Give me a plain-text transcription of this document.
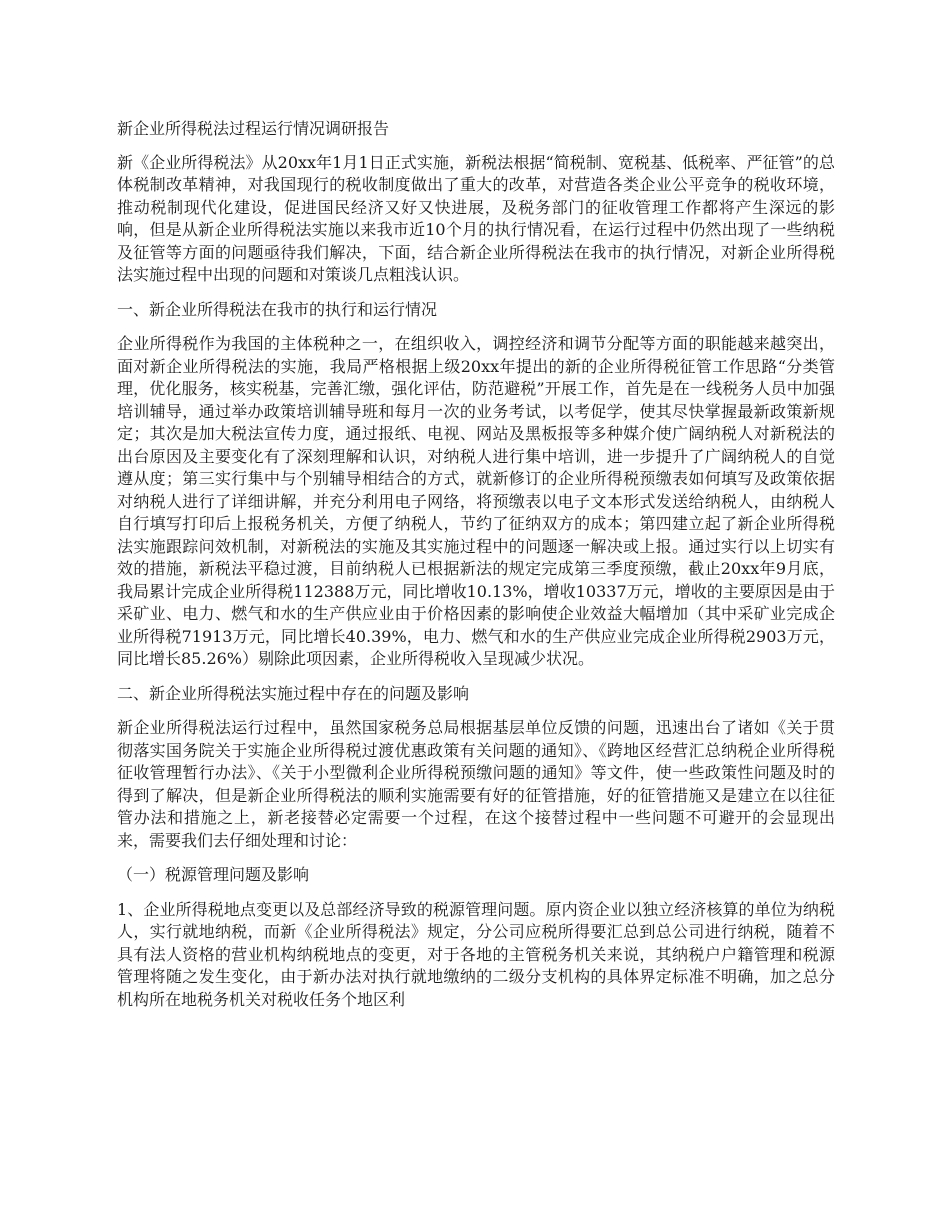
新企业所得税法过程运行情况调研报告

新《企业所得税法》从20xx年1月1日正式实施，新税法根据“简税制、宽税基、低税率、严征管”的总体税制改革精神，对我国现行的税收制度做出了重大的改革，对营造各类企业公平竞争的税收环境，推动税制现代化建设，促进国民经济又好又快进展，及税务部门的征收管理工作都将产生深远的影响，但是从新企业所得税法实施以来我市近10个月的执行情况看，在运行过程中仍然出现了一些纳税及征管等方面的问题亟待我们解决，下面，结合新企业所得税法在我市的执行情况，对新企业所得税法实施过程中出现的问题和对策谈几点粗浅认识。

一、新企业所得税法在我市的执行和运行情况

企业所得税作为我国的主体税种之一，在组织收入，调控经济和调节分配等方面的职能越来越突出，面对新企业所得税法的实施，我局严格根据上级20xx年提出的新的企业所得税征管工作思路“分类管理，优化服务，核实税基，完善汇缴，强化评估，防范避税”开展工作，首先是在一线税务人员中加强培训辅导，通过举办政策培训辅导班和每月一次的业务考试，以考促学，使其尽快掌握最新政策新规定；其次是加大税法宣传力度，通过报纸、电视、网站及黑板报等多种媒介使广阔纳税人对新税法的出台原因及主要变化有了深刻理解和认识，对纳税人进行集中培训，进一步提升了广阔纳税人的自觉遵从度；第三实行集中与个别辅导相结合的方式，就新修订的企业所得税预缴表如何填写及政策依据对纳税人进行了详细讲解，并充分利用电子网络，将预缴表以电子文本形式发送给纳税人，由纳税人自行填写打印后上报税务机关，方便了纳税人，节约了征纳双方的成本；第四建立起了新企业所得税法实施跟踪问效机制，对新税法的实施及其实施过程中的问题逐一解决或上报。通过实行以上切实有效的措施，新税法平稳过渡，目前纳税人已根据新法的规定完成第三季度预缴，截止20xx年9月底，我局累计完成企业所得税112388万元，同比增收10.13%，增收10337万元，增收的主要原因是由于采矿业、电力、燃气和水的生产供应业由于价格因素的影响使企业效益大幅增加（其中采矿业完成企业所得税71913万元，同比增长40.39%，电力、燃气和水的生产供应业完成企业所得税2903万元，同比增长85.26%）剔除此项因素，企业所得税收入呈现减少状况。

二、新企业所得税法实施过程中存在的问题及影响

新企业所得税法运行过程中，虽然国家税务总局根据基层单位反馈的问题，迅速出台了诸如《关于贯彻落实国务院关于实施企业所得税过渡优惠政策有关问题的通知》、《跨地区经营汇总纳税企业所得税征收管理暂行办法》、《关于小型微利企业所得税预缴问题的通知》等文件，使一些政策性问题及时的得到了解决，但是新企业所得税法的顺利实施需要有好的征管措施，好的征管措施又是建立在以往征管办法和措施之上，新老接替必定需要一个过程，在这个接替过程中一些问题不可避开的会显现出来，需要我们去仔细处理和讨论：

（一）税源管理问题及影响

1、企业所得税地点变更以及总部经济导致的税源管理问题。原内资企业以独立经济核算的单位为纳税人，实行就地纳税，而新《企业所得税法》规定，分公司应税所得要汇总到总公司进行纳税，随着不具有法人资格的营业机构纳税地点的变更，对于各地的主管税务机关来说，其纳税户户籍管理和税源管理将随之发生变化，由于新办法对执行就地缴纳的二级分支机构的具体界定标准不明确，加之总分机构所在地税务机关对税收任务个地区利
